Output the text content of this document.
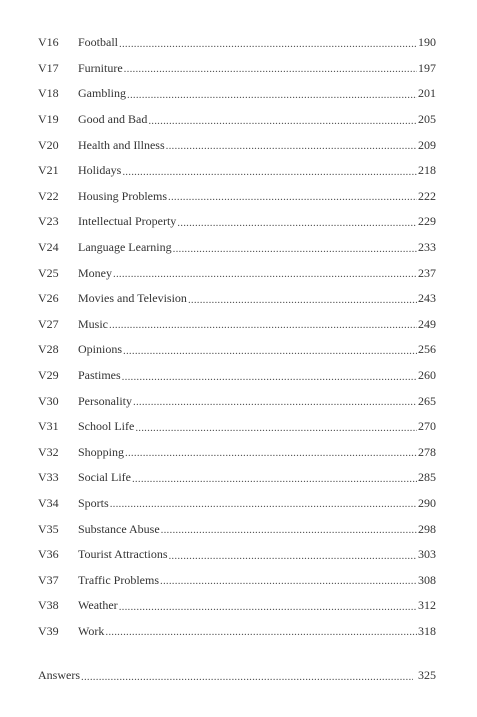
V16	Football .....	190
V17	Furniture .....	197
V18	Gambling .....	201
V19	Good and Bad .....	205
V20	Health and Illness .....	209
V21	Holidays .....	218
V22	Housing Problems .....	222
V23	Intellectual Property .....	229
V24	Language Learning .....	233
V25	Money .....	237
V26	Movies and Television .....	243
V27	Music .....	249
V28	Opinions .....	256
V29	Pastimes .....	260
V30	Personality .....	265
V31	School Life .....	270
V32	Shopping .....	278
V33	Social Life .....	285
V34	Sports .....	290
V35	Substance Abuse .....	298
V36	Tourist Attractions .....	303
V37	Traffic Problems .....	308
V38	Weather .....	312
V39	Work .....	318
Answers .....	325
